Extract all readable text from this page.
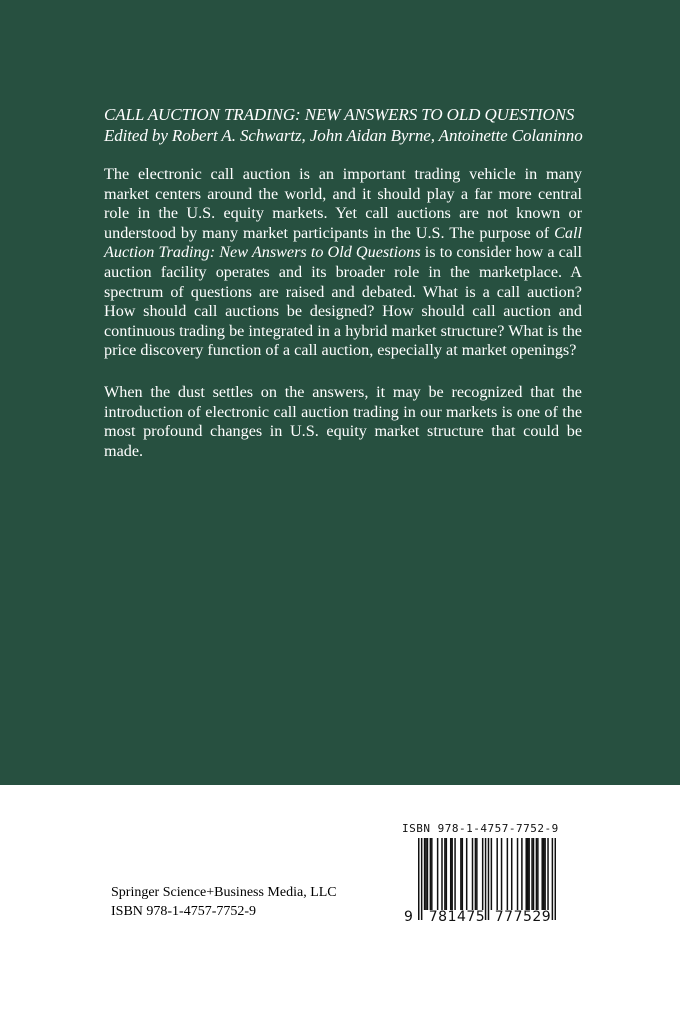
CALL AUCTION TRADING: NEW ANSWERS TO OLD QUESTIONS
Edited by Robert A. Schwartz, John Aidan Byrne, Antoinette Colaninno

The electronic call auction is an important trading vehicle in many market centers around the world, and it should play a far more central role in the U.S. equity markets. Yet call auctions are not known or understood by many market participants in the U.S. The purpose of Call Auction Trading: New Answers to Old Questions is to consider how a call auction facility operates and its broader role in the marketplace. A spectrum of questions are raised and debated. What is a call auction? How should call auctions be designed? How should call auction and continuous trading be integrated in a hybrid market structure? What is the price discovery function of a call auction, especially at market openings?

When the dust settles on the answers, it may be recognized that the introduction of electronic call auction trading in our markets is one of the most profound changes in U.S. equity market structure that could be made.

Springer Science+Business Media, LLC
ISBN 978-1-4757-7752-9
ISBN 978-1-4757-7752-9
9	781475 777529
